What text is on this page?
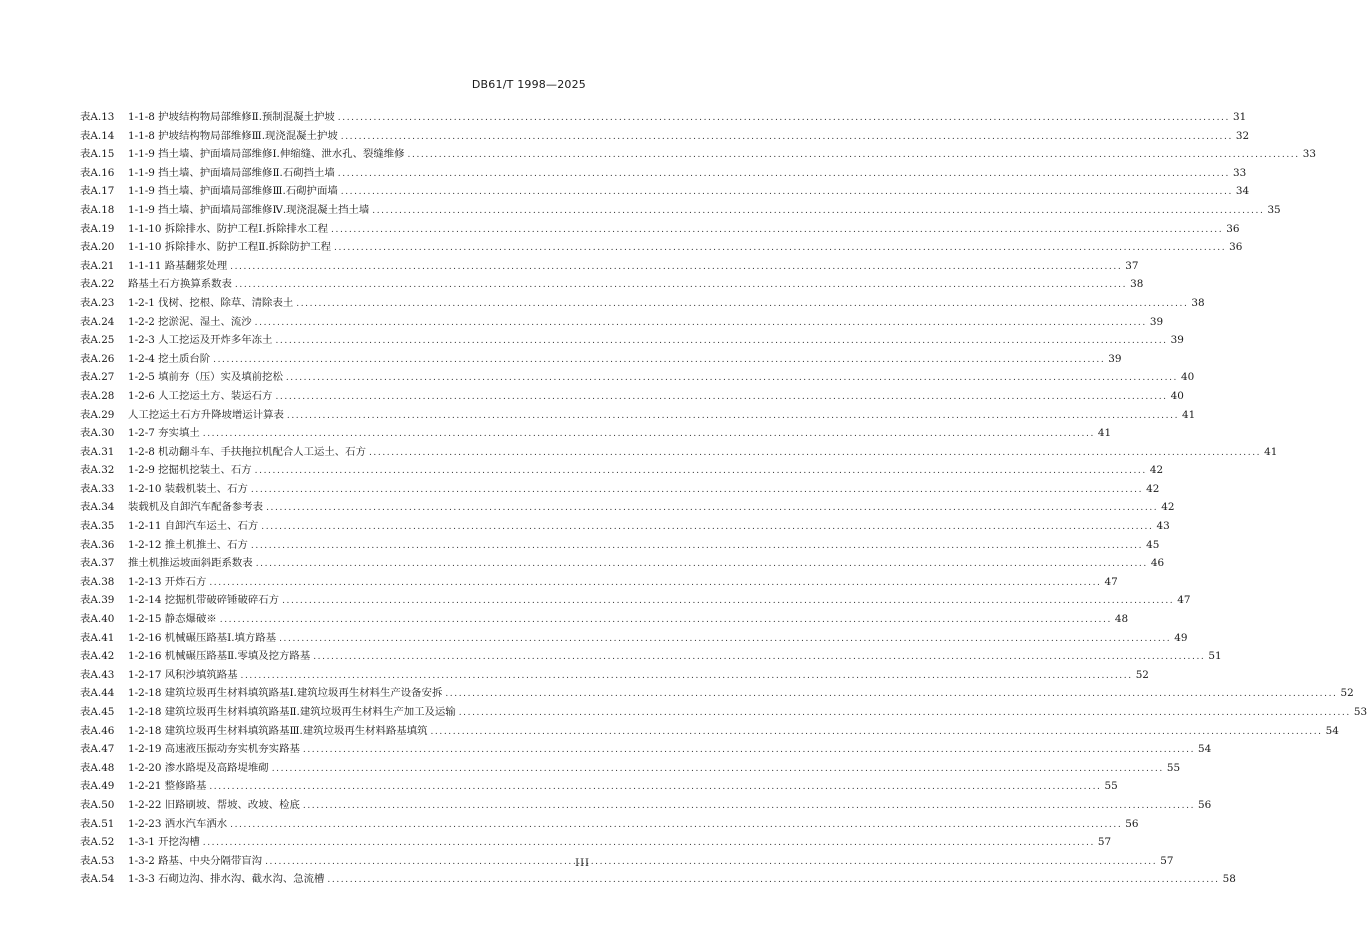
DB61/T 1998—2025
表A.13	1-1-8 护坡结构物局部维修Ⅱ.预制混凝土护坡 .....	31
表A.14	1-1-8 护坡结构物局部维修Ⅲ.现浇混凝土护坡 .....	32
表A.15	1-1-9 挡土墙、护面墙局部维修Ⅰ.伸缩缝、泄水孔、裂缝维修 .....	33
表A.16	1-1-9 挡土墙、护面墙局部维修Ⅱ.石砌挡土墙 .....	33
表A.17	1-1-9 挡土墙、护面墙局部维修Ⅲ.石砌护面墙 .....	34
表A.18	1-1-9 挡土墙、护面墙局部维修Ⅳ.现浇混凝土挡土墙 .....	35
表A.19	1-1-10 拆除排水、防护工程Ⅰ.拆除排水工程 .....	36
表A.20	1-1-10 拆除排水、防护工程Ⅱ.拆除防护工程 .....	36
表A.21	1-1-11 路基翻浆处理 .....	37
表A.22	路基土石方换算系数表 .....	38
表A.23	1-2-1 伐树、挖根、除草、清除表土 .....	38
表A.24	1-2-2 挖淤泥、湿土、流沙 .....	39
表A.25	1-2-3 人工挖运及开炸多年冻土 .....	39
表A.26	1-2-4 挖土质台阶 .....	39
表A.27	1-2-5 填前夯（压）实及填前挖松 .....	40
表A.28	1-2-6 人工挖运土方、装运石方 .....	40
表A.29	人工挖运土石方升降坡增运计算表 .....	41
表A.30	1-2-7 夯实填土 .....	41
表A.31	1-2-8 机动翻斗车、手扶拖拉机配合人工运土、石方 .....	41
表A.32	1-2-9 挖掘机挖装土、石方 .....	42
表A.33	1-2-10 装载机装土、石方 .....	42
表A.34	装载机及自卸汽车配备参考表 .....	42
表A.35	1-2-11 自卸汽车运土、石方 .....	43
表A.36	1-2-12 推土机推土、石方 .....	45
表A.37	推土机推运坡面斜距系数表 .....	46
表A.38	1-2-13 开炸石方 .....	47
表A.39	1-2-14 挖掘机带破碎锤破碎石方 .....	47
表A.40	1-2-15 静态爆破※ .....	48
表A.41	1-2-16 机械碾压路基Ⅰ.填方路基 .....	49
表A.42	1-2-16 机械碾压路基Ⅱ.零填及挖方路基 .....	51
表A.43	1-2-17 风积沙填筑路基 .....	52
表A.44	1-2-18 建筑垃圾再生材料填筑路基Ⅰ.建筑垃圾再生材料生产设备安拆 .....	52
表A.45	1-2-18 建筑垃圾再生材料填筑路基Ⅱ.建筑垃圾再生材料生产加工及运输 .....	53
表A.46	1-2-18 建筑垃圾再生材料填筑路基Ⅲ.建筑垃圾再生材料路基填筑 .....	54
表A.47	1-2-19 高速液压振动夯实机夯实路基 .....	54
表A.48	1-2-20 渗水路堤及高路堤堆砌 .....	55
表A.49	1-2-21 整修路基 .....	55
表A.50	1-2-22 旧路刷坡、帮坡、改坡、检底 .....	56
表A.51	1-2-23 洒水汽车洒水 .....	56
表A.52	1-3-1 开挖沟槽 .....	57
表A.53	1-3-2 路基、中央分隔带盲沟 .....	57
表A.54	1-3-3 石砌边沟、排水沟、截水沟、急流槽 .....	58
III
